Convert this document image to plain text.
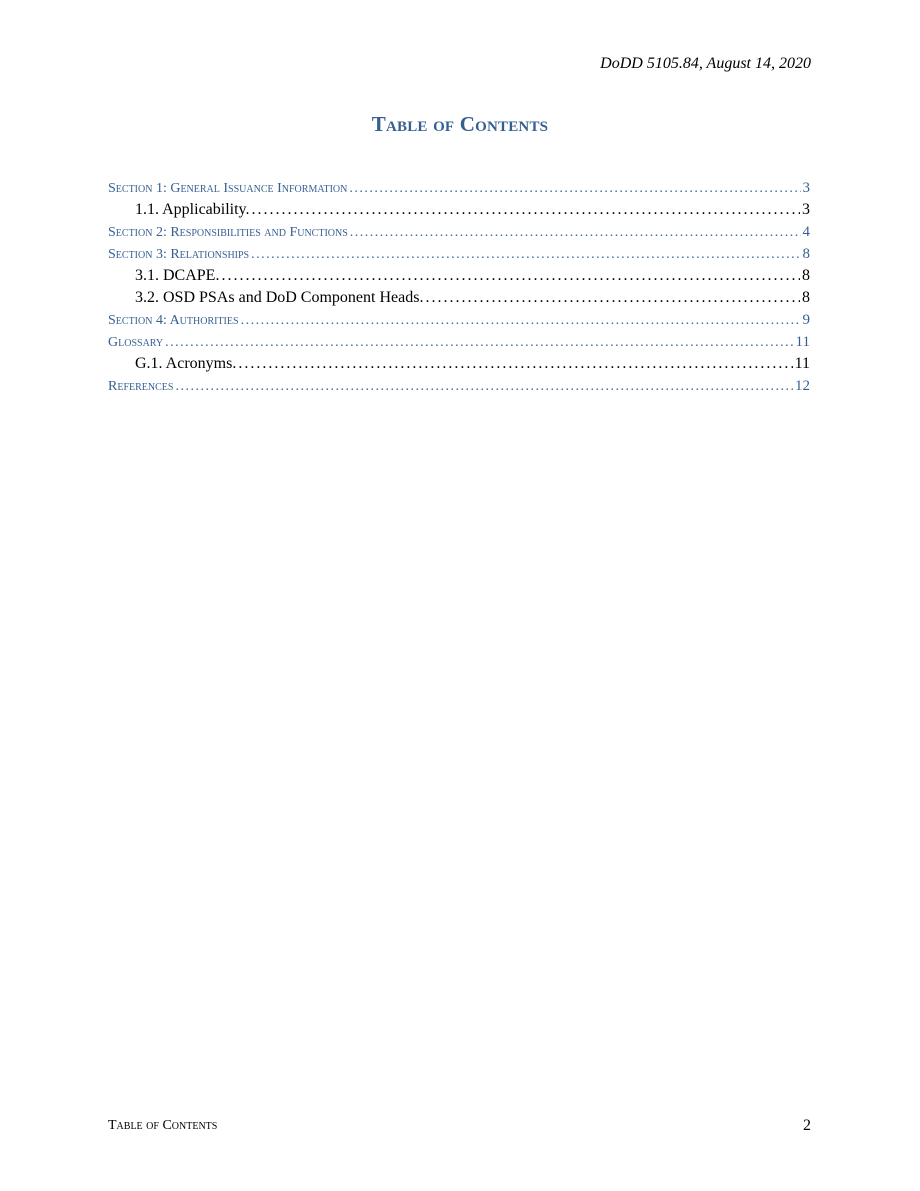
DoDD 5105.84, August 14, 2020
Table of Contents
Section 1: General Issuance Information . . .	3
1.1. Applicability. . . .	3
Section 2: Responsibilities and Functions . . .	4
Section 3: Relationships . . .	8
3.1. DCAPE. . . .	8
3.2. OSD PSAs and DoD Component Heads. . . .	8
Section 4: Authorities . . .	9
Glossary . . .	11
G.1. Acronyms. . . .	11
References . . .	12
Table of Contents	2
